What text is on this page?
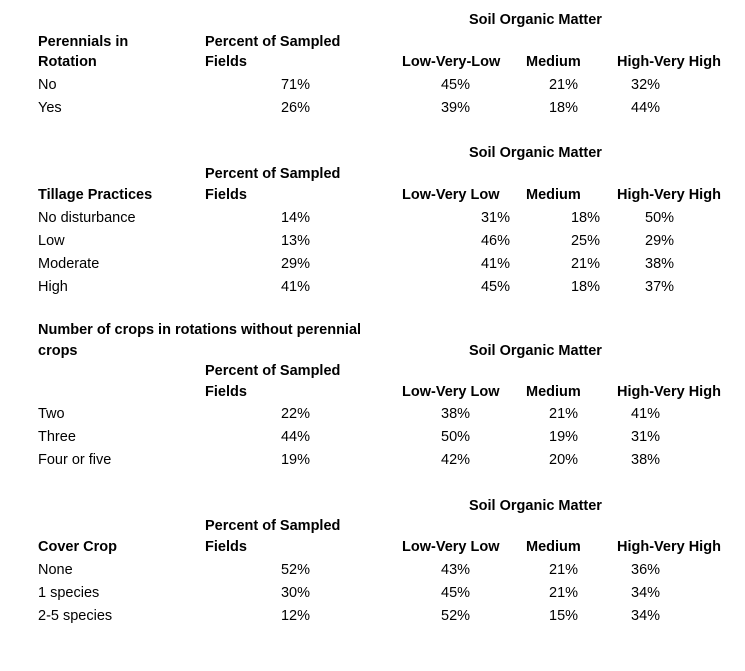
Soil Organic Matter
Perennials in	Percent of Sampled
Rotation	Fields	Low-Very-Low Medium High-Very High
No	71%	45%	21%	32%
Yes	26%	39%	18%	44%
Soil Organic Matter
Percent of Sampled
Tillage Practices	Fields	Low-Very Low Medium High-Very High
No disturbance	14%	31%	18%	50%
Low	13%	46%	25%	29%
Moderate	29%	41%	21%	38%
High	41%	45%	18%	37%
Number of crops in rotations without perennial
crops	Soil Organic Matter
Percent of Sampled
Fields	Low-Very Low Medium High-Very High
Two	22%	38%	21%	41%
Three	44%	50%	19%	31%
Four or five	19%	42%	20%	38%
Soil Organic Matter
Percent of Sampled
Cover Crop	Fields	Low-Very Low Medium High-Very High
None	52%	43%	21%	36%
1 species	30%	45%	21%	34%
2-5 species	12%	52%	15%	34%
